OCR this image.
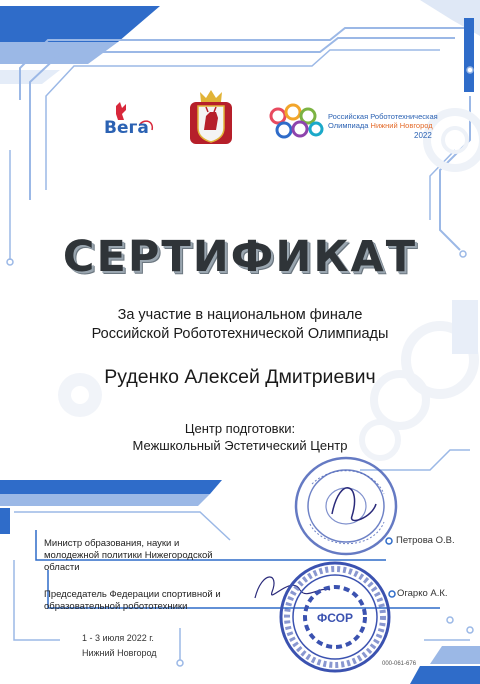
Вега
Российская Робототехническая
Олимпиада Нижний Новгород
2022
СЕРТИФИКАТ
За участие в национальном финале
Российской Робототехнической Олимпиады
Руденко Алексей Дмитриевич
Центр подготовки:
Межшкольный Эстетический Центр
ФСОР
Министр образования, науки и молодежной политики Нижегородской области
Петрова О.В.
Председатель Федерации спортивной и образовательной робототехники
Огарко А.К.
1 - 3 июля 2022 г.
Нижний Новгород
000-061-676
